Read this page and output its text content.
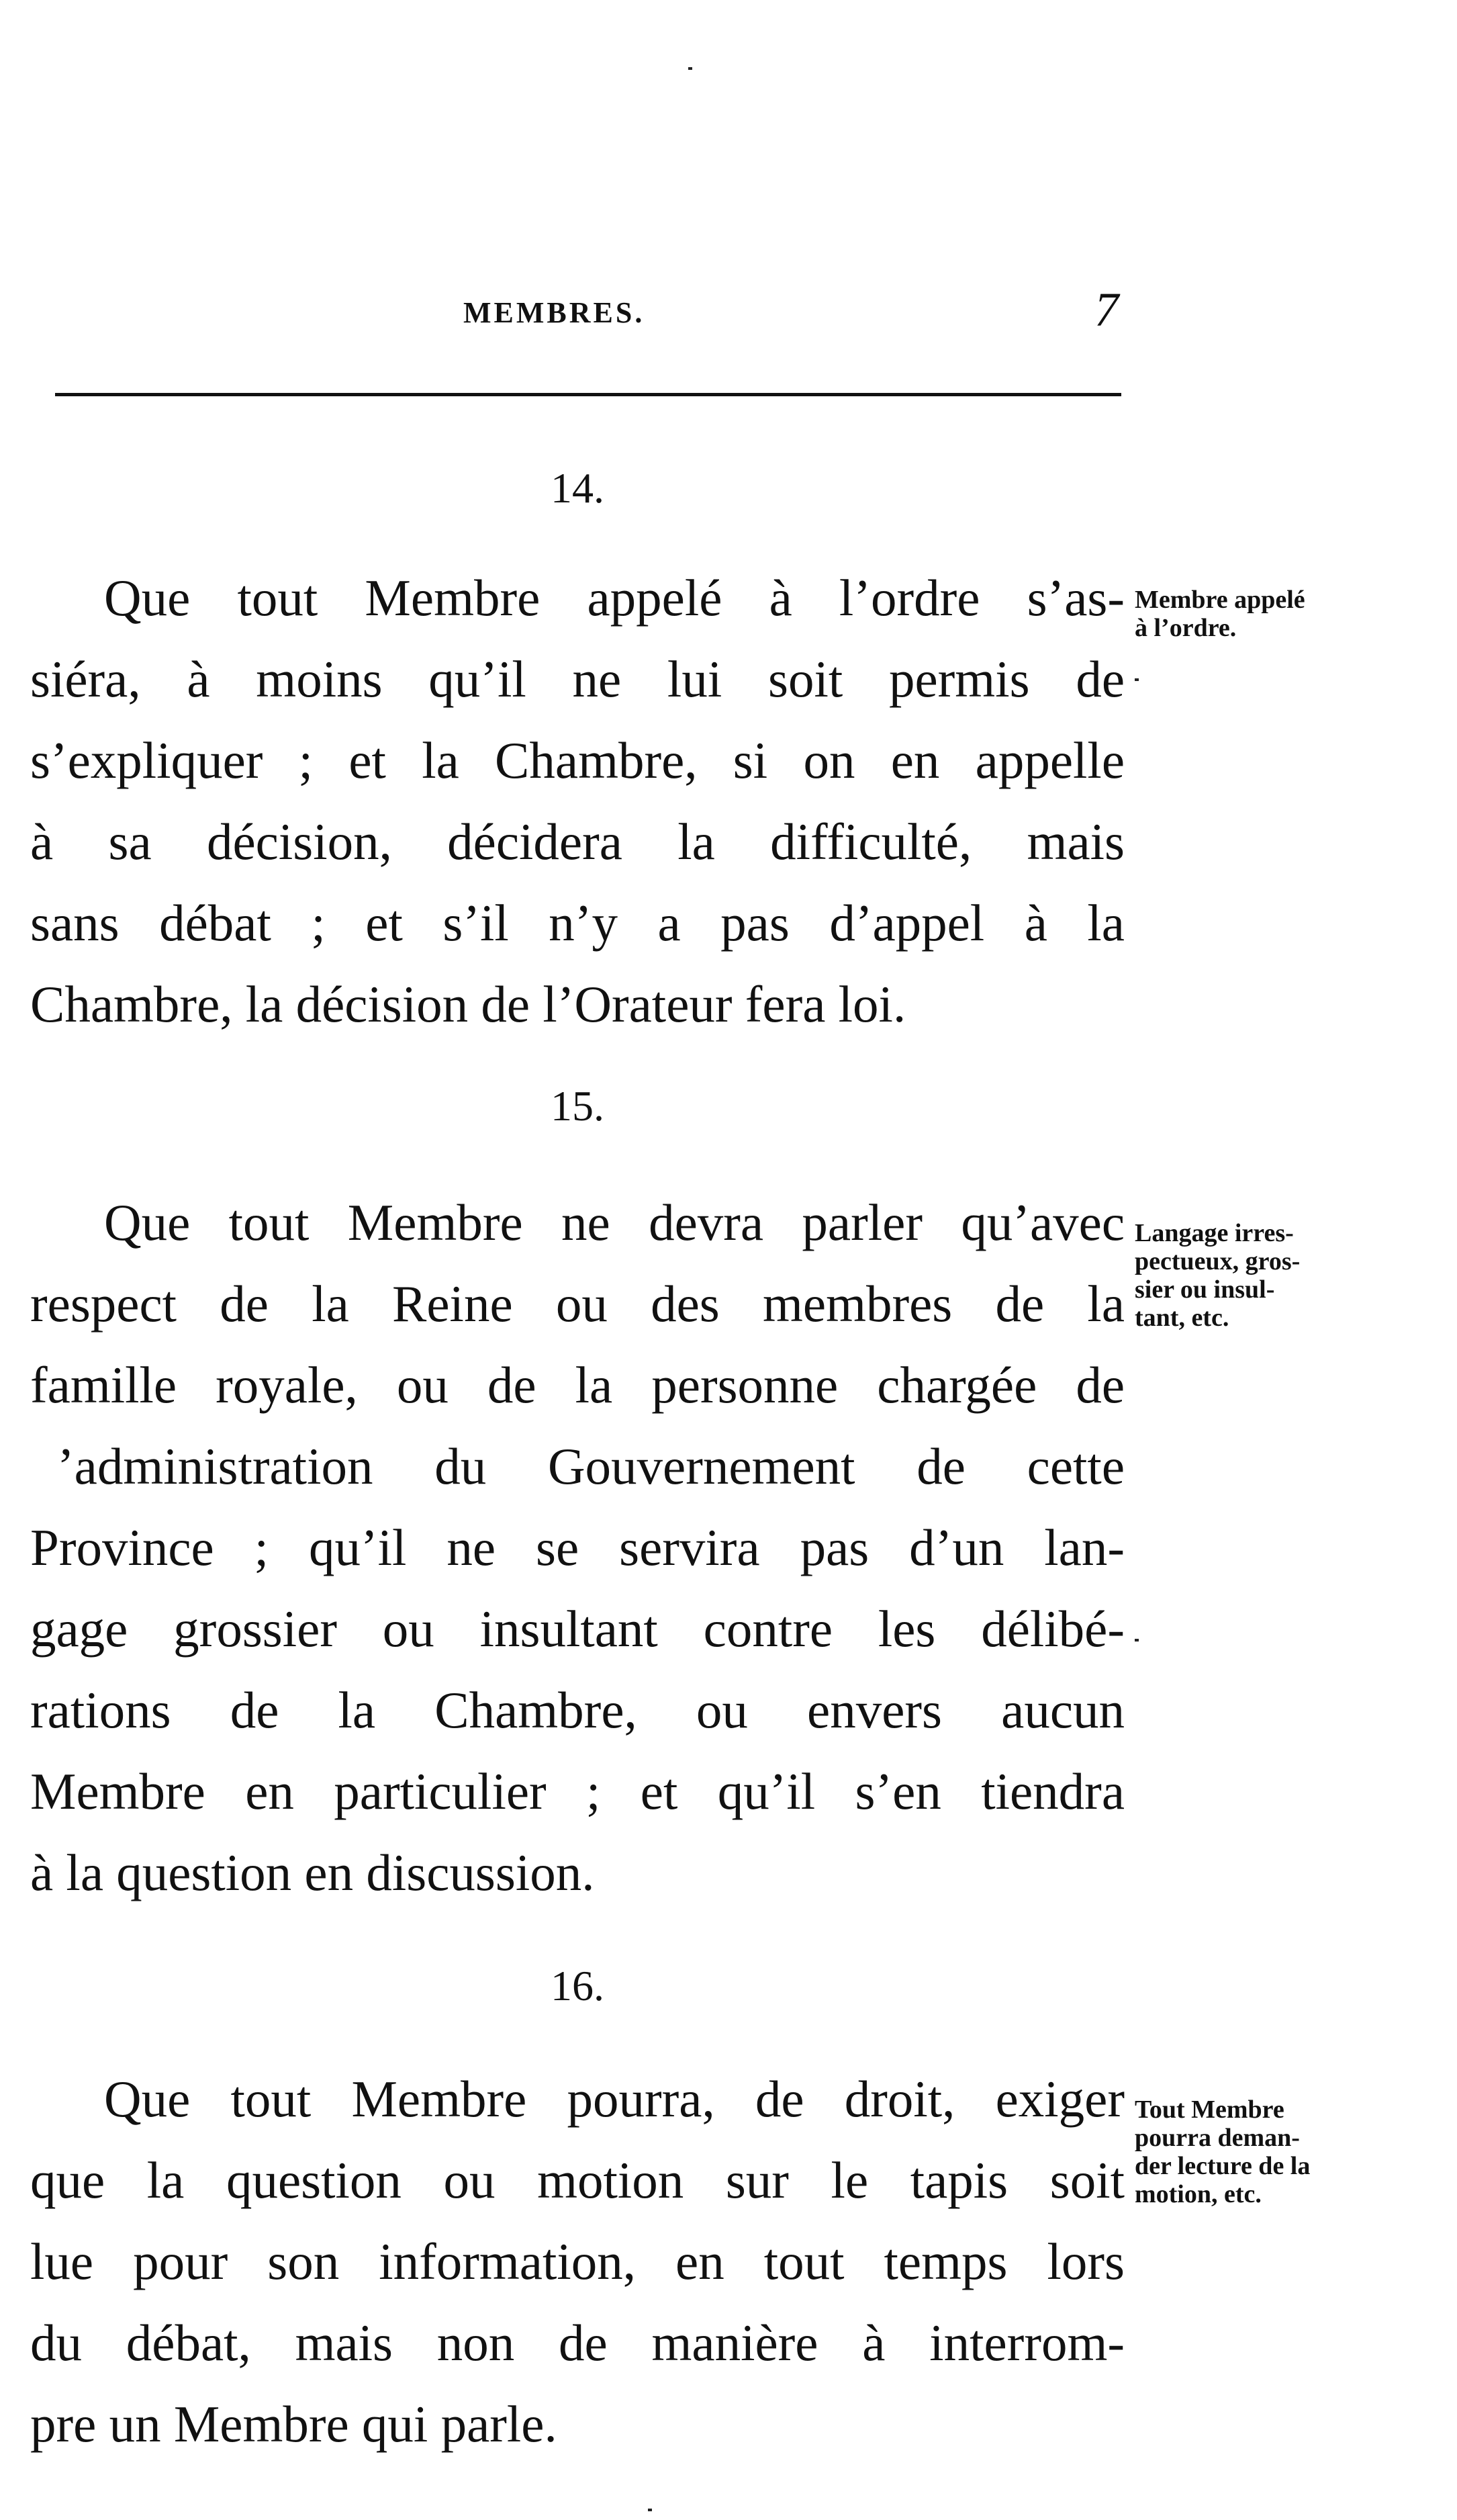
MEMBRES.	7
14.
Que tout Membre appelé à l’ordre s’as-
siéra, à moins qu’il ne lui soit permis de
s’expliquer ; et la Chambre, si on en appelle
à sa décision, décidera la difficulté, mais
sans débat ; et s’il n’y a pas d’appel à la
Chambre, la décision de l’Orateur fera loi.
Membre appelé
à l’ordre.
15.
Que tout Membre ne devra parler qu’avec
respect de la Reine ou des membres de la
famille royale, ou de la personne chargée de
’administration du Gouvernement de cette
Province ; qu’il ne se servira pas d’un lan-
gage grossier ou insultant contre les délibé-
rations de la Chambre, ou envers aucun
Membre en particulier ; et qu’il s’en tiendra
à la question en discussion.
Langage irres-
pectueux, gros-
sier ou insul-
tant, etc.
16.
Que tout Membre pourra, de droit, exiger
que la question ou motion sur le tapis soit
lue pour son information, en tout temps lors
du débat, mais non de manière à interrom-
pre un Membre qui parle.
Tout Membre
pourra deman-
der lecture de la
motion, etc.
